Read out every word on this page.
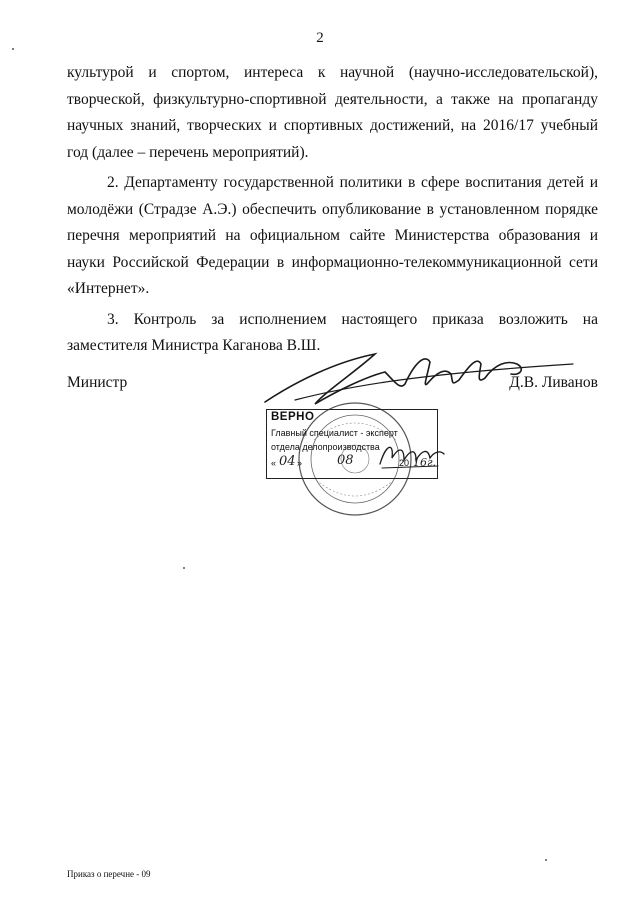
2

культурой и спортом, интереса к научной (научно-исследовательской), творческой, физкультурно-спортивной деятельности, а также на пропаганду научных знаний, творческих и спортивных достижений, на 2016/17 учебный год (далее – перечень мероприятий).

2. Департаменту государственной политики в сфере воспитания детей и молодёжи (Страдзе А.Э.) обеспечить опубликование в установленном порядке перечня мероприятий на официальном сайте Министерства образования и науки Российской Федерации в информационно-телекоммуникационной сети «Интернет».

3. Контроль за исполнением настоящего приказа возложить на заместителя Министра Каганова В.Ш.

Министр	Д.В. Ливанов
ВЕРНО
Главный специалист - эксперт
отдела делопроизводства
« »	20
04	08	16г.
Приказ о перечне - 09
